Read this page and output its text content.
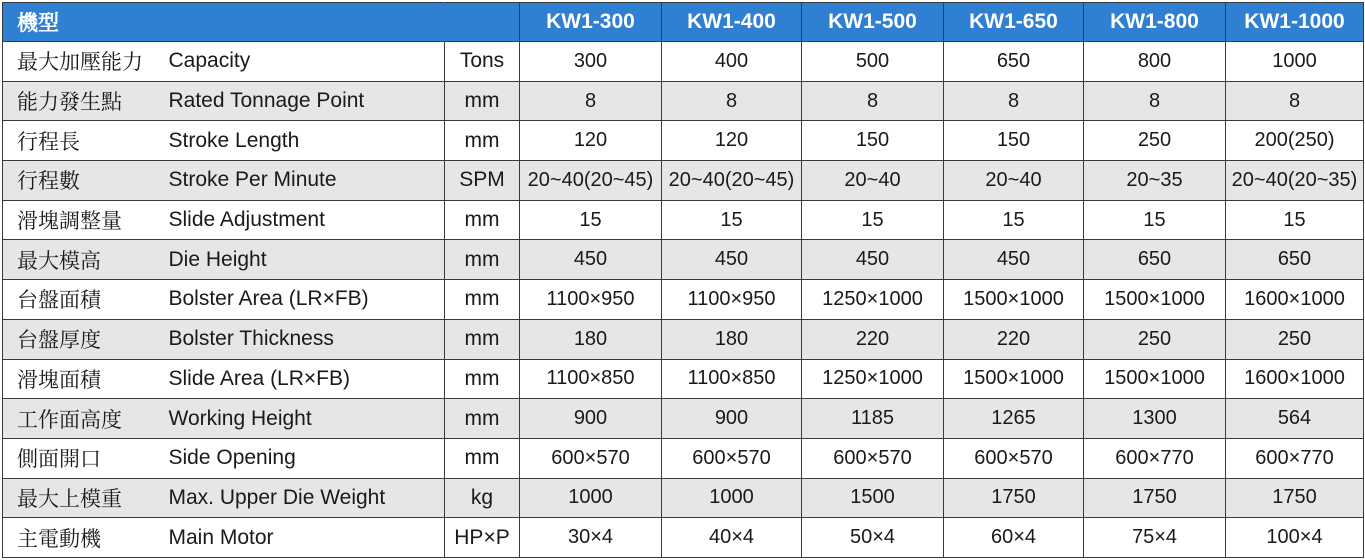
機型			KW1-300	KW1-400	KW1-500	KW1-650	KW1-800	KW1-1000
最大加壓能力	Capacity	Tons	300	400	500	650	800	1000
能力發生點	Rated Tonnage Point	mm	8	8	8	8	8	8
行程長	Stroke Length	mm	120	120	150	150	250	200(250)
行程數	Stroke Per Minute	SPM	20~40(20~45)	20~40(20~45)	20~40	20~40	20~35	20~40(20~35)
滑塊調整量	Slide Adjustment	mm	15	15	15	15	15	15
最大模高	Die Height	mm	450	450	450	450	650	650
台盤面積	Bolster Area (LR×FB)	mm	1100×950	1100×950	1250×1000	1500×1000	1500×1000	1600×1000
台盤厚度	Bolster Thickness	mm	180	180	220	220	250	250
滑塊面積	Slide Area (LR×FB)	mm	1100×850	1100×850	1250×1000	1500×1000	1500×1000	1600×1000
工作面高度	Working Height	mm	900	900	1185	1265	1300	564
側面開口	Side Opening	mm	600×570	600×570	600×570	600×570	600×770	600×770
最大上模重	Max. Upper Die Weight	kg	1000	1000	1500	1750	1750	1750
主電動機	Main Motor	HP×P	30×4	40×4	50×4	60×4	75×4	100×4
